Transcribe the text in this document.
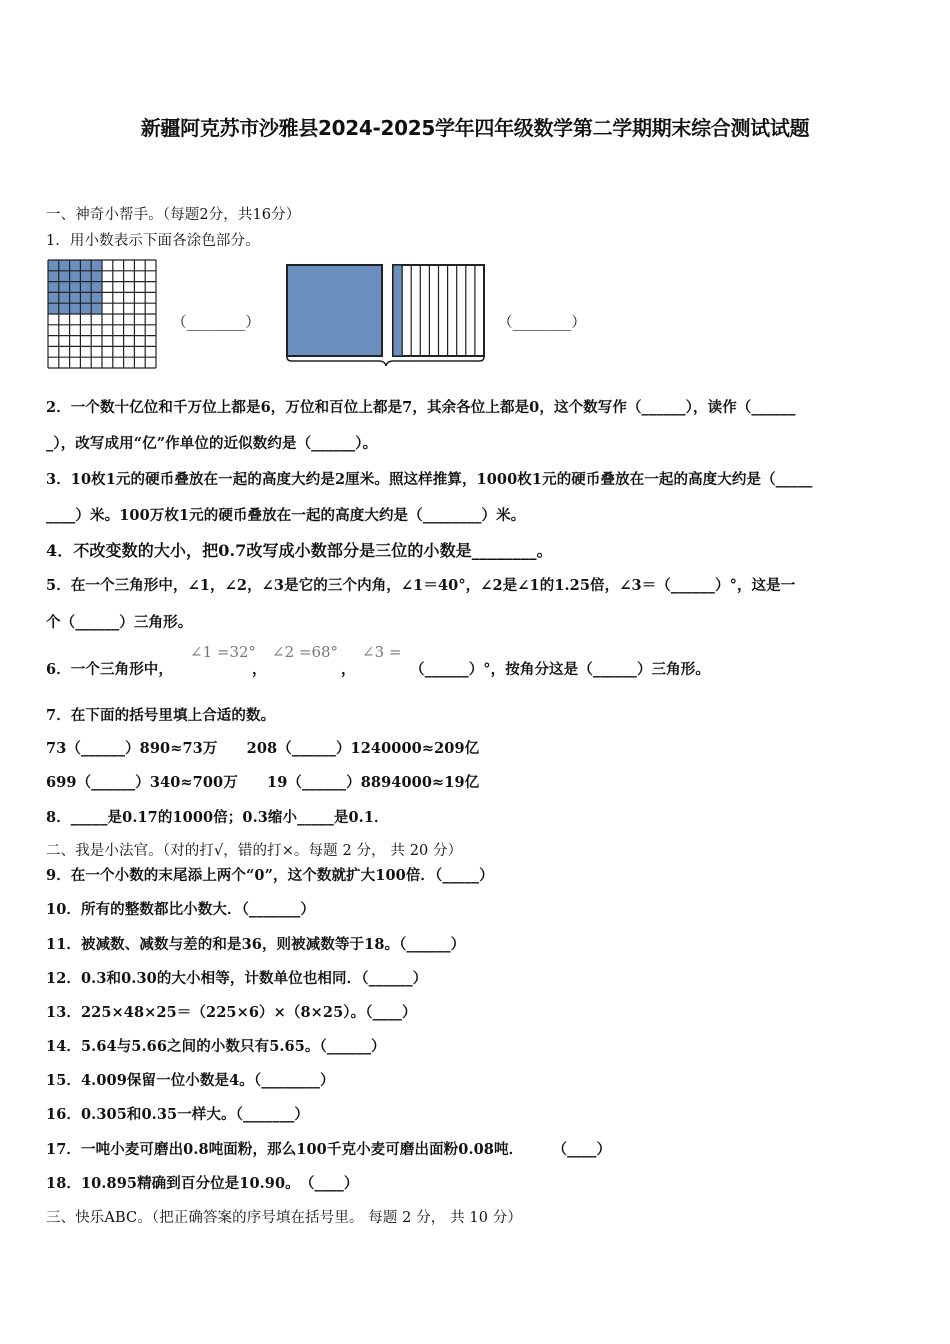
新疆阿克苏市沙雅县2024-2025学年四年级数学第二学期期末综合测试试题
一、神奇小帮手。（每题2分，共16分）
1．用小数表示下面各涂色部分。
（________）	（________）
2．一个数十亿位和千万位上都是6，万位和百位上都是7，其余各位上都是0，这个数写作（______），读作（______
_），改写成用“亿”作单位的近似数约是（______）。
3．10枚1元的硬币叠放在一起的高度大约是2厘米。照这样推算，1000枚1元的硬币叠放在一起的高度大约是（_____
____）米。100万枚1元的硬币叠放在一起的高度大约是（________）米。
4．不改变数的大小，把0.7改写成小数部分是三位的小数是________。
5．在一个三角形中，∠1，∠2，∠3是它的三个内角，∠1＝40°，∠2是∠1的1.25倍，∠3＝（______）°，这是一
个（______）三角形。
6．一个三角形中，
∠1 =32°
，
∠2 =68°
，
∠3 =
（______）°，按角分这是（______）三角形。
7．在下面的括号里填上合适的数。
73（______）890≈73万　　208（______）1240000≈209亿
699（______）340≈700万　　19（______）8894000≈19亿
8．_____是0.17的1000倍；0.3缩小_____是0.1．
二、我是小法官。（对的打√，错的打×。每题 2 分， 共 20 分）
9．在一个小数的末尾添上两个“0”，这个数就扩大100倍．（_____）
10．所有的整数都比小数大．（_______）
11．被减数、减数与差的和是36，则被减数等于18。（______）
12．0.3和0.30的大小相等，计数单位也相同．（______）
13．225×48×25＝（225×6）×（8×25）。（____）
14．5.64与5.66之间的小数只有5.65。（______）
15．4.009保留一位小数是4。（________）
16．0.305和0.35一样大。（_______）
17．一吨小麦可磨出0.8吨面粉，那么100千克小麦可磨出面粉0.08吨．　　　（____）
18．10.895精确到百分位是10.90。　（____）
三、快乐ABC。（把正确答案的序号填在括号里。 每题 2 分， 共 10 分）
